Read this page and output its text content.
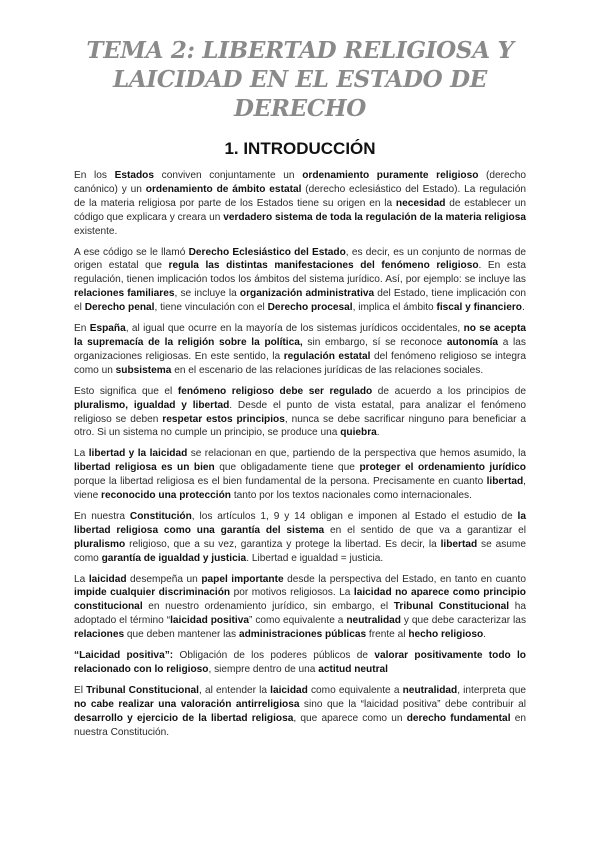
TEMA 2: LIBERTAD RELIGIOSA Y
LAICIDAD EN EL ESTADO DE DERECHO
1. INTRODUCCIÓN

En los Estados conviven conjuntamente un ordenamiento puramente religioso (derecho canónico) y un ordenamiento de ámbito estatal (derecho eclesiástico del Estado). La regulación de la materia religiosa por parte de los Estados tiene su origen en la necesidad de establecer un código que explicara y creara un verdadero sistema de toda la regulación de la materia religiosa existente.

A ese código se le llamó Derecho Eclesiástico del Estado, es decir, es un conjunto de normas de origen estatal que regula las distintas manifestaciones del fenómeno religioso. En esta regulación, tienen implicación todos los ámbitos del sistema jurídico. Así, por ejemplo: se incluye las relaciones familiares, se incluye la organización administrativa del Estado, tiene implicación con el Derecho penal, tiene vinculación con el Derecho procesal, implica el ámbito fiscal y financiero.

En España, al igual que ocurre en la mayoría de los sistemas jurídicos occidentales, no se acepta la supremacía de la religión sobre la política, sin embargo, sí se reconoce autonomía a las organizaciones religiosas. En este sentido, la regulación estatal del fenómeno religioso se integra como un subsistema en el escenario de las relaciones jurídicas de las relaciones sociales.

Esto significa que el fenómeno religioso debe ser regulado de acuerdo a los principios de pluralismo, igualdad y libertad. Desde el punto de vista estatal, para analizar el fenómeno religioso se deben respetar estos principios, nunca se debe sacrificar ninguno para beneficiar a otro. Si un sistema no cumple un principio, se produce una quiebra.

La libertad y la laicidad se relacionan en que, partiendo de la perspectiva que hemos asumido, la libertad religiosa es un bien que obligadamente tiene que proteger el ordenamiento jurídico porque la libertad religiosa es el bien fundamental de la persona. Precisamente en cuanto libertad, viene reconocido una protección tanto por los textos nacionales como internacionales.

En nuestra Constitución, los artículos 1, 9 y 14 obligan e imponen al Estado el estudio de la libertad religiosa como una garantía del sistema en el sentido de que va a garantizar el pluralismo religioso, que a su vez, garantiza y protege la libertad. Es decir, la libertad se asume como garantía de igualdad y justicia. Libertad e igualdad = justicia.

La laicidad desempeña un papel importante desde la perspectiva del Estado, en tanto en cuanto impide cualquier discriminación por motivos religiosos. La laicidad no aparece como principio constitucional en nuestro ordenamiento jurídico, sin embargo, el Tribunal Constitucional ha adoptado el término “laicidad positiva” como equivalente a neutralidad y que debe caracterizar las relaciones que deben mantener las administraciones públicas frente al hecho religioso.

“Laicidad positiva”: Obligación de los poderes públicos de valorar positivamente todo lo relacionado con lo religioso, siempre dentro de una actitud neutral

El Tribunal Constitucional, al entender la laicidad como equivalente a neutralidad, interpreta que no cabe realizar una valoración antirreligiosa sino que la “laicidad positiva” debe contribuir al desarrollo y ejercicio de la libertad religiosa, que aparece como un derecho fundamental en nuestra Constitución.
